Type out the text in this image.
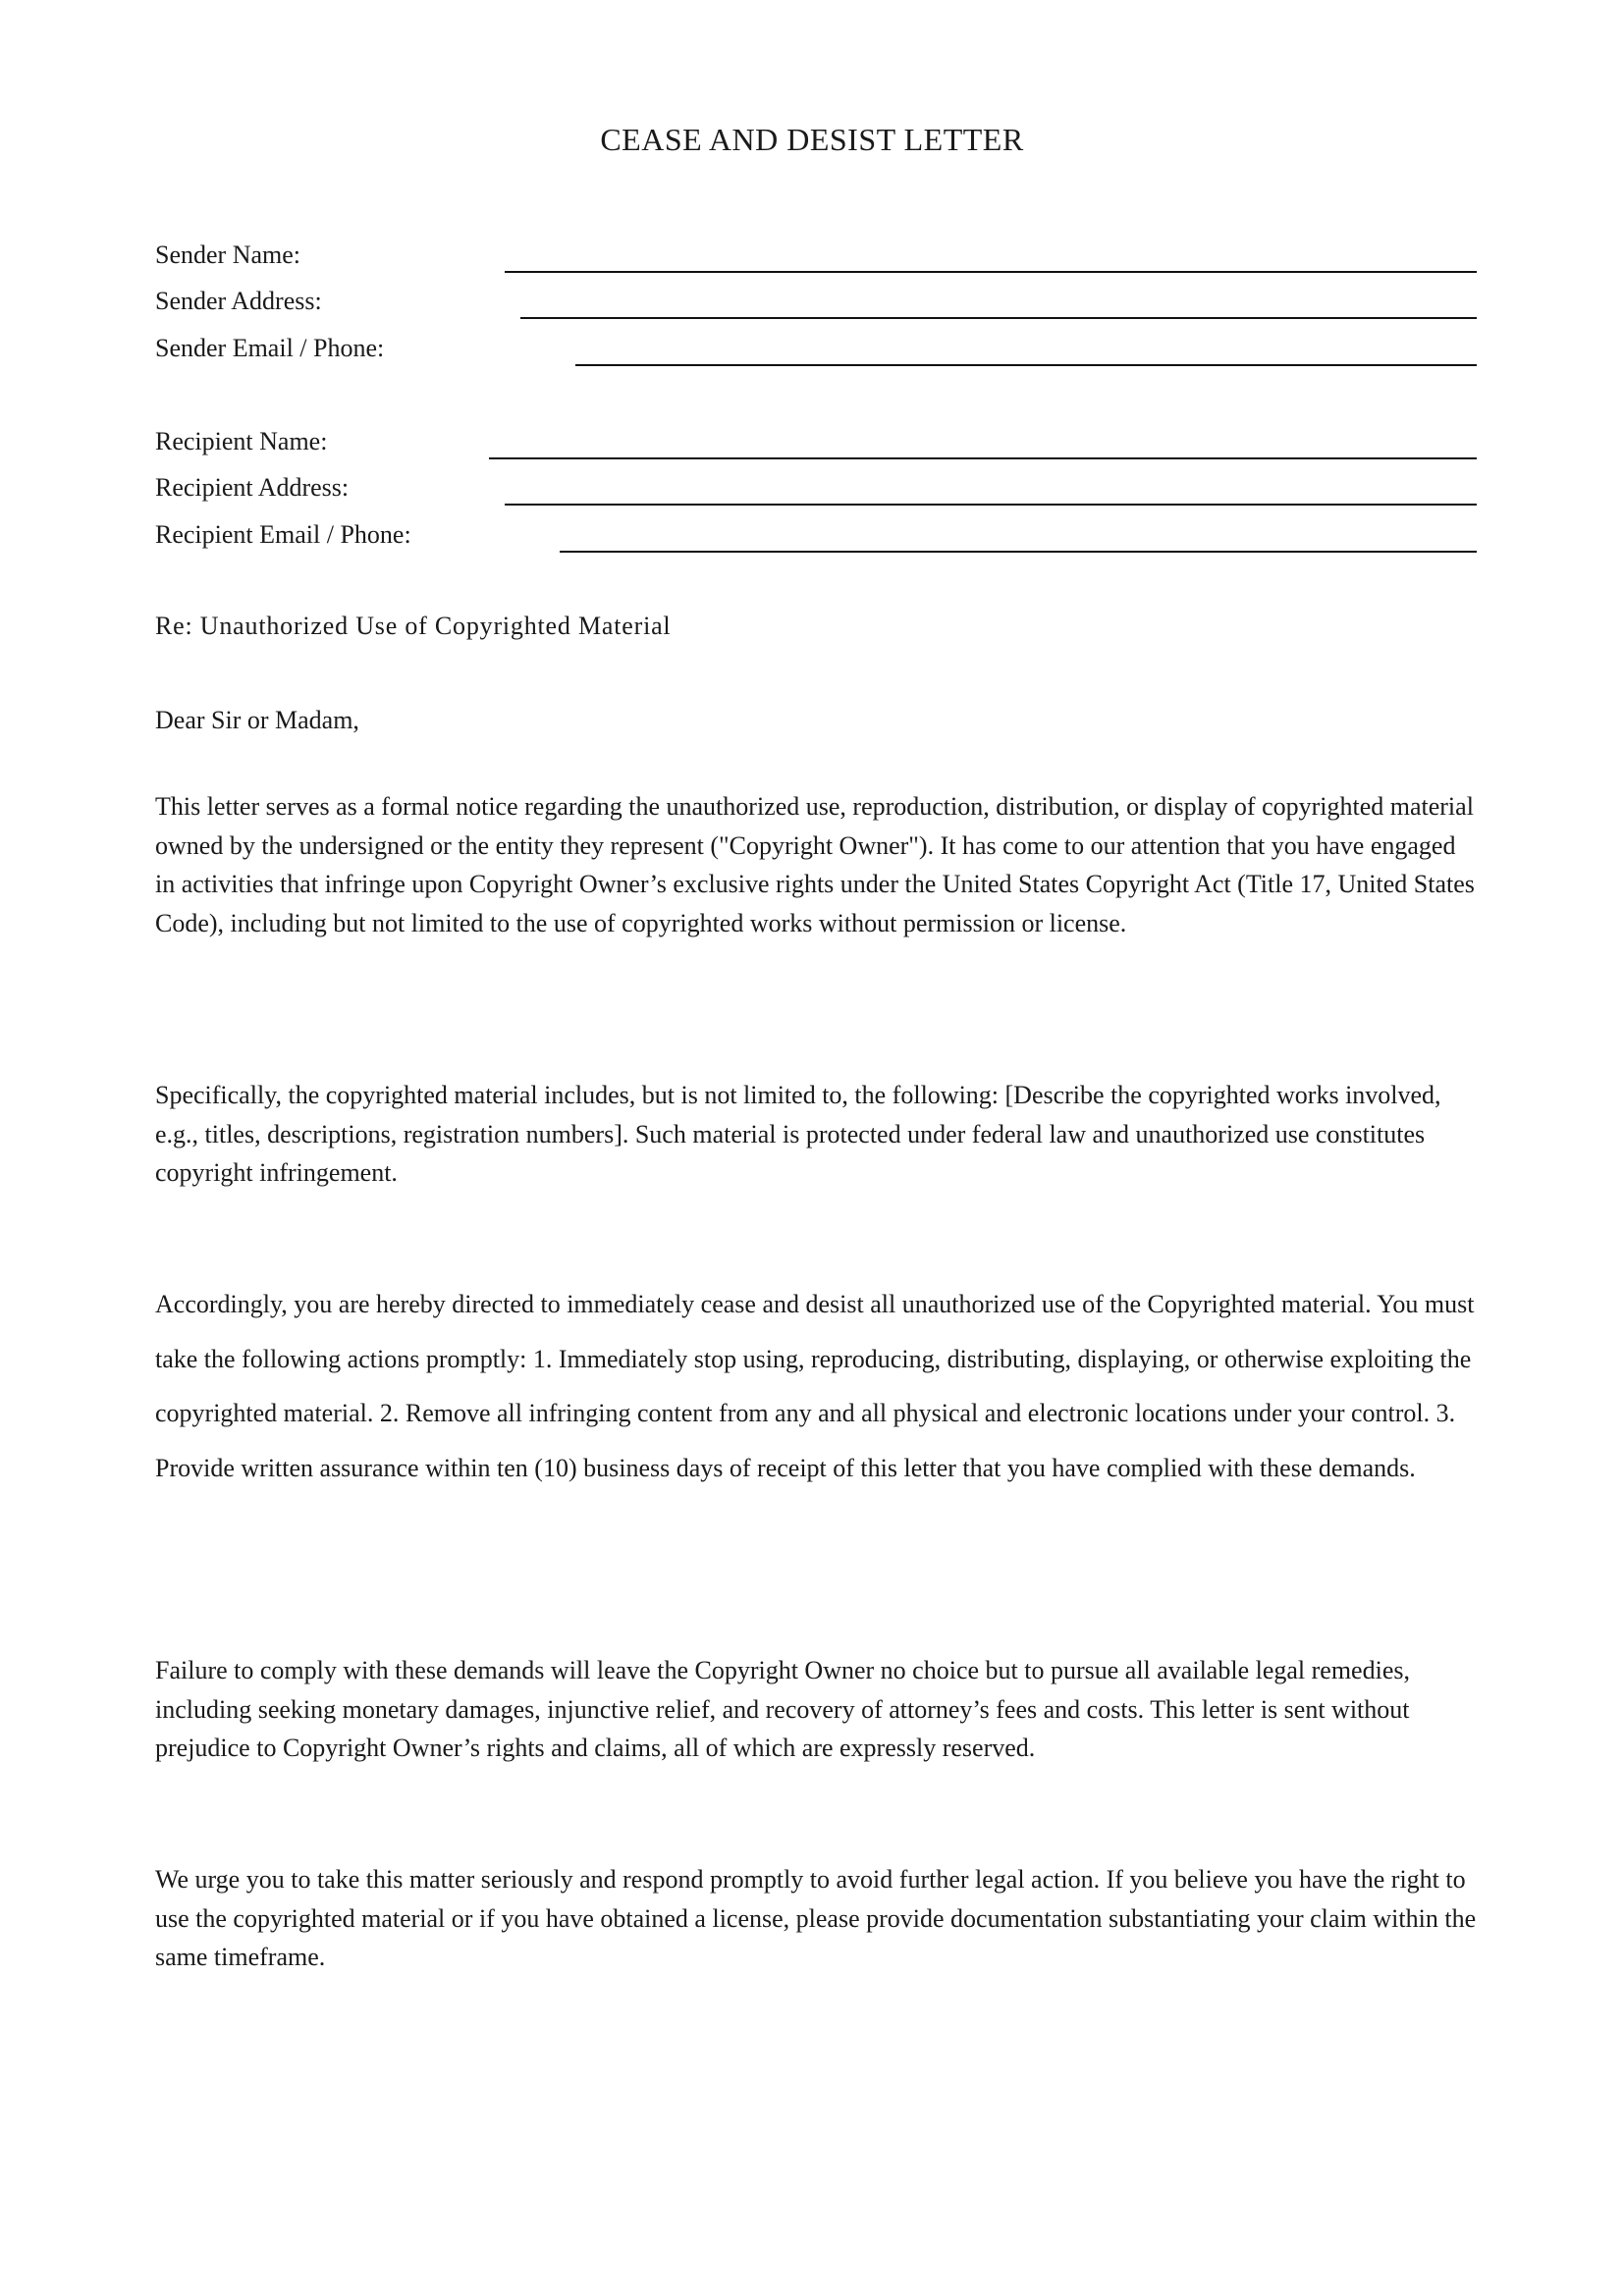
CEASE AND DESIST LETTER
Sender Name:
Sender Address:
Sender Email / Phone:
Recipient Name:
Recipient Address:
Recipient Email / Phone:
Re: Unauthorized Use of Copyrighted Material
Dear Sir or Madam,

This letter serves as a formal notice regarding the unauthorized use, reproduction, distribution, or display of copyrighted material owned by the undersigned or the entity they represent ("Copyright Owner"). It has come to our attention that you have engaged in activities that infringe upon Copyright Owner’s exclusive rights under the United States Copyright Act (Title 17, United States Code), including but not limited to the use of copyrighted works without permission or license.

Specifically, the copyrighted material includes, but is not limited to, the following: [Describe the copyrighted works involved, e.g., titles, descriptions, registration numbers]. Such material is protected under federal law and unauthorized use constitutes copyright infringement.

Accordingly, you are hereby directed to immediately cease and desist all unauthorized use of the Copyrighted material. You must take the following actions promptly: 1. Immediately stop using, reproducing, distributing, displaying, or otherwise exploiting the copyrighted material. 2. Remove all infringing content from any and all physical and electronic locations under your control. 3. Provide written assurance within ten (10) business days of receipt of this letter that you have complied with these demands.

Failure to comply with these demands will leave the Copyright Owner no choice but to pursue all available legal remedies, including seeking monetary damages, injunctive relief, and recovery of attorney’s fees and costs. This letter is sent without prejudice to Copyright Owner’s rights and claims, all of which are expressly reserved.

We urge you to take this matter seriously and respond promptly to avoid further legal action. If you believe you have the right to use the copyrighted material or if you have obtained a license, please provide documentation substantiating your claim within the same timeframe.
